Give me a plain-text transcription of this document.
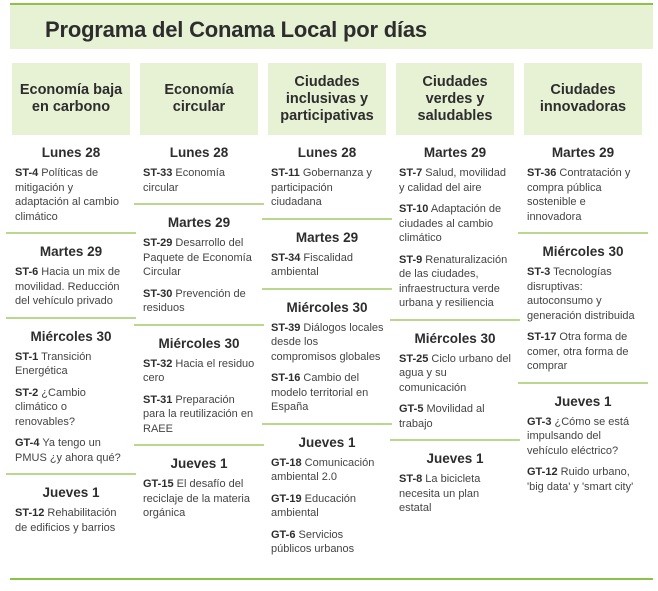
Programa del Conama Local por días
Economía baja en carbono
Lunes 28
ST-4 Políticas de mitigación y adaptación al cambio climático
Martes 29
ST-6 Hacia un mix de movilidad. Reducción del vehículo privado
Miércoles 30
ST-1 Transición Energética
ST-2 ¿Cambio climático o renovables?
GT-4 Ya tengo un PMUS ¿y ahora qué?
Jueves 1
ST-12 Rehabilitación de edificios y barrios
Economía circular
Lunes 28
ST-33 Economía circular
Martes 29
ST-29 Desarrollo del Paquete de Economía Circular
ST-30 Prevención de residuos
Miércoles 30
ST-32 Hacia el residuo cero
ST-31 Preparación para la reutilización en RAEE
Jueves 1
GT-15 El desafío del reciclaje de la materia orgánica
Ciudades inclusivas y participativas
Lunes 28
ST-11 Gobernanza y participación ciudadana
Martes 29
ST-34 Fiscalidad ambiental
Miércoles 30
ST-39 Diálogos locales desde los compromisos globales
ST-16 Cambio del modelo territorial en España
Jueves 1
GT-18 Comunicación ambiental 2.0
GT-19 Educación ambiental
GT-6 Servicios públicos urbanos
Ciudades verdes y saludables
Martes 29
ST-7 Salud, movilidad y calidad del aire
ST-10 Adaptación de ciudades al cambio climático
ST-9 Renaturalización de las ciudades, infraestructura verde urbana y resiliencia
Miércoles 30
ST-25 Ciclo urbano del agua y su comunicación
GT-5 Movilidad al trabajo
Jueves 1
ST-8 La bicicleta necesita un plan estatal
Ciudades innovadoras
Martes 29
ST-36 Contratación y compra pública sostenible e innovadora
Miércoles 30
ST-3 Tecnologías disruptivas: autoconsumo y generación distribuida
ST-17 Otra forma de comer, otra forma de comprar
Jueves 1
GT-3 ¿Cómo se está impulsando del vehículo eléctrico?
GT-12 Ruido urbano, 'big data' y 'smart city'
